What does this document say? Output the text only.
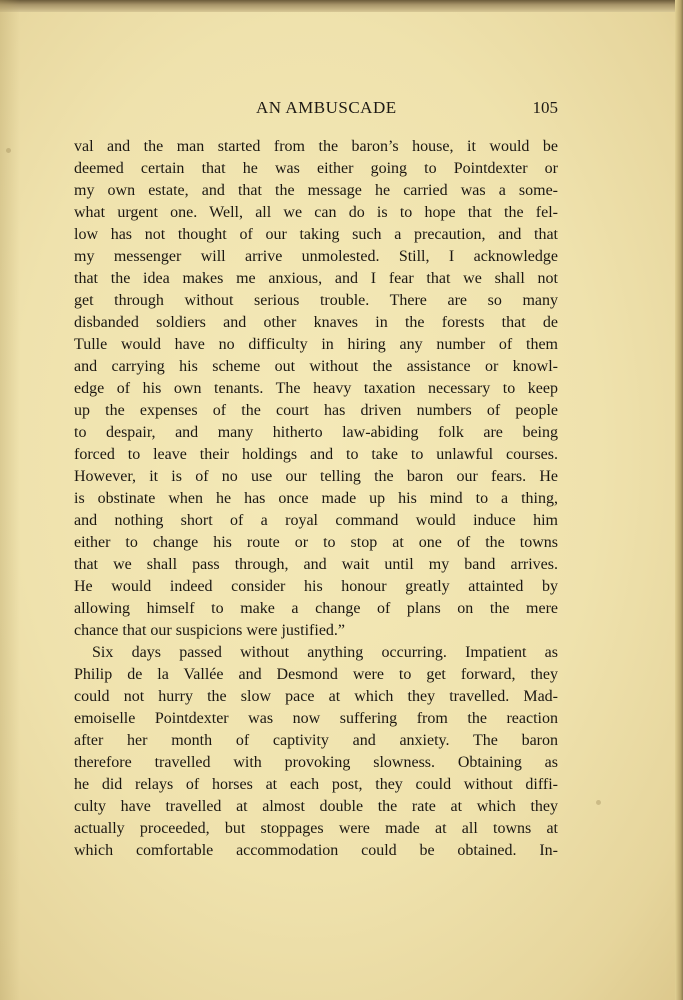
AN AMBUSCADE	105
val and the man started from the baron’s house, it would be
deemed certain that he was either going to Pointdexter or
my own estate, and that the message he carried was a some-
what urgent one. Well, all we can do is to hope that the fel-
low has not thought of our taking such a precaution, and that
my messenger will arrive unmolested. Still, I acknowledge
that the idea makes me anxious, and I fear that we shall not
get through without serious trouble. There are so many
disbanded soldiers and other knaves in the forests that de
Tulle would have no difficulty in hiring any number of them
and carrying his scheme out without the assistance or knowl-
edge of his own tenants. The heavy taxation necessary to keep
up the expenses of the court has driven numbers of people
to despair, and many hitherto law-abiding folk are being
forced to leave their holdings and to take to unlawful courses.
However, it is of no use our telling the baron our fears. He
is obstinate when he has once made up his mind to a thing,
and nothing short of a royal command would induce him
either to change his route or to stop at one of the towns
that we shall pass through, and wait until my band arrives.
He would indeed consider his honour greatly attainted by
allowing himself to make a change of plans on the mere
chance that our suspicions were justified.”
Six days passed without anything occurring. Impatient as
Philip de la Vallée and Desmond were to get forward, they
could not hurry the slow pace at which they travelled. Mad-
emoiselle Pointdexter was now suffering from the reaction
after her month of captivity and anxiety. The baron
therefore travelled with provoking slowness. Obtaining as
he did relays of horses at each post, they could without diffi-
culty have travelled at almost double the rate at which they
actually proceeded, but stoppages were made at all towns at
which comfortable accommodation could be obtained. In-
